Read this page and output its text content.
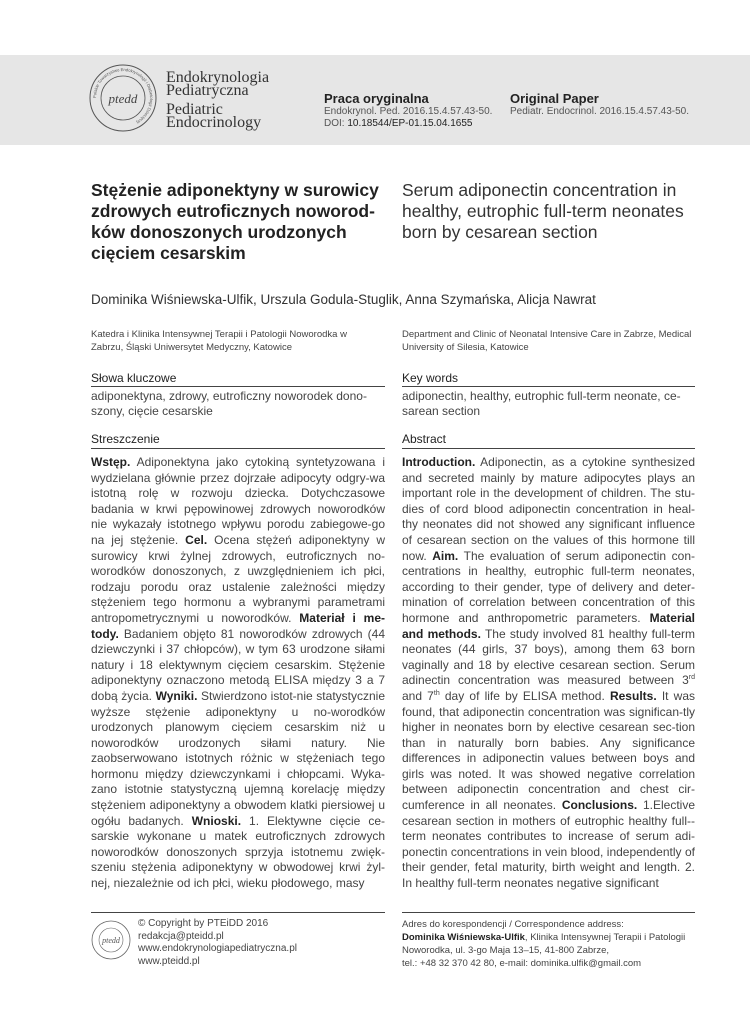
Polskie Towarzystwo Endokrynologii i Diabetologii Dziecięcej
ptedd
Endokrynologia
Pediatryczna
Pediatric
Endocrinology
Praca oryginalna
Endokrynol. Ped. 2016.15.4.57.43-50.
DOI: 10.18544/EP-01.15.04.1655
Original Paper
Pediatr. Endocrinol. 2016.15.4.57.43-50.
Stężenie adiponektyny w surowicy zdrowych eutroficznych noworod-ków donoszonych urodzonych cięciem cesarskim
Serum adiponectin concentration in healthy, eutrophic full-term neonates born by cesarean section
Dominika Wiśniewska-Ulfik, Urszula Godula-Stuglik, Anna Szymańska, Alicja Nawrat
Katedra i Klinika Intensywnej Terapii i Patologii Noworodka w Zabrzu, Śląski Uniwersytet Medyczny, Katowice
Department and Clinic of Neonatal Intensive Care in Zabrze, Medical University of Silesia, Katowice
Słowa kluczowe
adiponektyna, zdrowy, eutroficzny noworodek dono-szony, cięcie cesarskie
Key words
adiponectin, healthy, eutrophic full-term neonate, ce-sarean section
Streszczenie	Abstract
Wstęp. Adiponektyna jako cytokiną syntetyzowana i wydzielana głównie przez dojrzałe adipocyty odgry-wa istotną rolę w rozwoju dziecka. Dotychczasowe badania w krwi pępowinowej zdrowych noworodków nie wykazały istotnego wpływu porodu zabiegowe-go na jej stężenie. Cel. Ocena stężeń adiponektyny w surowicy krwi żylnej zdrowych, eutroficznych no-worodków donoszonych, z uwzględnieniem ich płci, rodzaju porodu oraz ustalenie zależności między stężeniem tego hormonu a wybranymi parametrami antropometrycznymi u noworodków. Materiał i me-tody. Badaniem objęto 81 noworodków zdrowych (44 dziewczynki i 37 chłopców), w tym 63 urodzone siłami natury i 18 elektywnym cięciem cesarskim. Stężenie adiponektyny oznaczono metodą ELISA między 3 a 7 dobą życia. Wyniki. Stwierdzono istot-nie statystycznie wyższe stężenie adiponektyny u no-worodków urodzonych planowym cięciem cesarskim niż u noworodków urodzonych siłami natury. Nie zaobserwowano istotnych różnic w stężeniach tego hormonu między dziewczynkami i chłopcami. Wyka-zano istotnie statystyczną ujemną korelację między stężeniem adiponektyny a obwodem klatki piersiowej u ogółu badanych. Wnioski. 1. Elektywne cięcie ce-sarskie wykonane u matek eutroficznych zdrowych noworodków donoszonych sprzyja istotnemu zwięk-szeniu stężenia adiponektyny w obwodowej krwi żyl-nej, niezależnie od ich płci, wieku płodowego, masy
Introduction. Adiponectin, as a cytokine synthesized and secreted mainly by mature adipocytes plays an important role in the development of children. The stu-dies of cord blood adiponectin concentration in heal-thy neonates did not showed any significant influence of cesarean section on the values of this hormone till now. Aim. The evaluation of serum adiponectin con-centrations in healthy, eutrophic full-term neonates, according to their gender, type of delivery and deter-mination of correlation between concentration of this hormone and anthropometric parameters. Material and methods. The study involved 81 healthy full-term neonates (44 girls, 37 boys), among them 63 born vaginally and 18 by elective cesarean section. Serum adinectin concentration was measured between 3rd and 7th day of life by ELISA method. Results. It was found, that adiponectin concentration was significan-tly higher in neonates born by elective cesarean sec-tion than in naturally born babies. Any significance differences in adiponectin values between boys and girls was noted. It was showed negative correlation between adiponectin concentration and chest cir-cumference in all neonates. Conclusions. 1.Elective cesarean section in mothers of eutrophic healthy full--term neonates contributes to increase of serum adi-ponectin concentrations in vein blood, independently of their gender, fetal maturity, birth weight and length. 2. In healthy full-term neonates negative significant
ptedd
© Copyright by PTEiDD 2016
redakcja@pteidd.pl
www.endokrynologiapediatryczna.pl
www.pteidd.pl
Adres do korespondencji / Correspondence address:
Dominika Wiśniewska-Ulfik, Klinika Intensywnej Terapii i Patologii Noworodka, ul. 3-go Maja 13–15, 41-800 Zabrze,
tel.: +48 32 370 42 80, e-mail: dominika.ulfik@gmail.com
